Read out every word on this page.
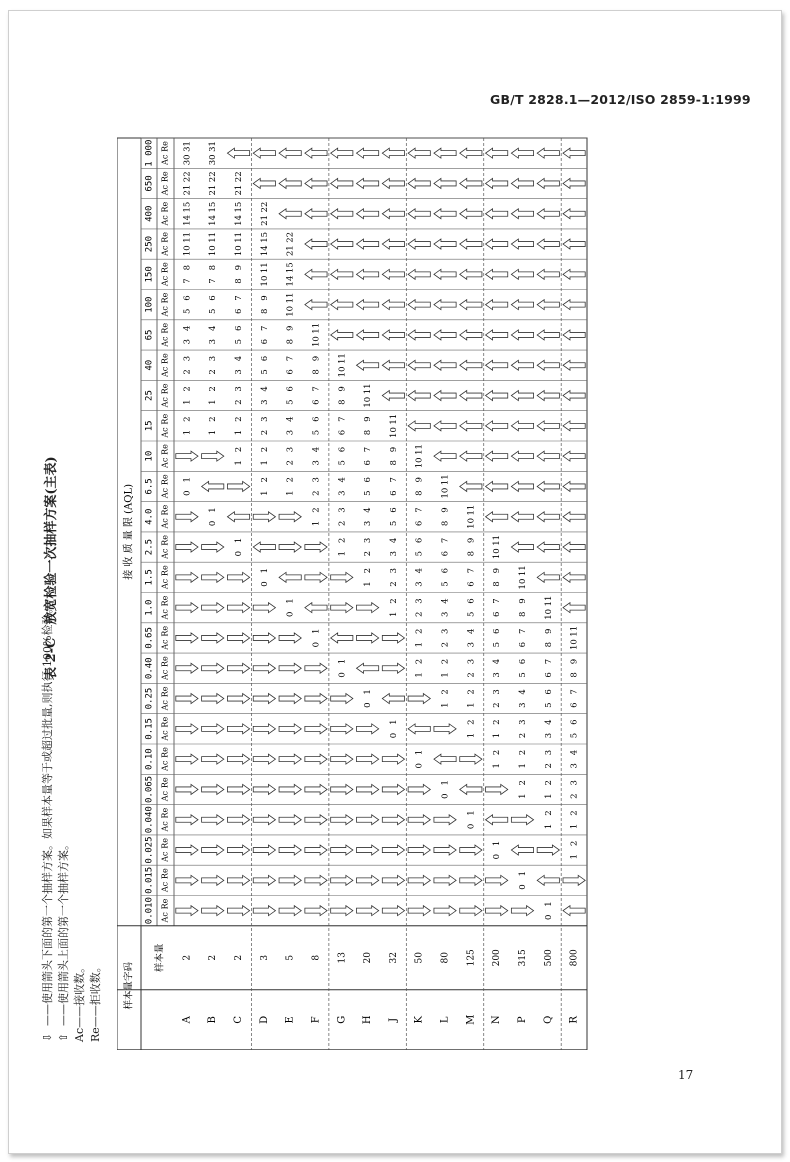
GB/T 2828.1—2012/ISO 2859-1:1999
表 2-C　放宽检验一次抽样方案(主表)	接 收 质 量 限 (AQL)
样本量字码
样本量
0.010 Ac
Re
0.015 Ac
Re
0.025 Ac
Re
0.040 Ac
Re
0.065 Ac
Re
0.10 Ac
Re
0.15 Ac
Re
0.25 Ac
Re
0.40 Ac
Re
0.65 Ac
Re
1.0 Ac
Re
1.5 Ac
Re
2.5 Ac
Re
4.0 Ac
Re
6.5 Ac
Re
10
Ac
Re
15
Ac
Re
25
Ac
Re
40
Ac
Re
65
Ac
Re
100 Ac
Re
150 Ac
Re
250 Ac
Re
400 Ac
Re
650 Ac
Re
1 000 Ac
Re
A
2
0
1
1
2
1
2
2
3
3
4
5
6
7
8
10
11
14
15
21
22
30
31
B
2
0
1
1
2
1
2
2
3
3
4
5
6
7
8
10
11
14
15
21
22
30
31
C
2
0
1
1
2
1
2
2
3
3
4
5
6
6
7
8
9
10
11
14
15
21
22
D
3
0
1
1
2
1
2
2
3
3
4
5
6
6
7
8
9
10
11
14
15
21
22
E
5
0
1
1
2
2
3
3
4
5
6
6
7
8
9
10
11
14
15
21
22
F
8
0
1
1
2
2
3
3
4
5
6
6
7
8
9
10
11
G
13
0
1
1
2
2
3
3
4
5
6
6
7
8
9
10
11
H
20
0
1
1
2
2
3
3
4
5
6
6
7
8
9
10
11
J
32
0
1
1
2
2
3
3
4
5
6
6
7
8
9
10
11
K
50
0
1
1
2
1
2
2
3
3
4
5
6
6
7
8
9
10
11
L
80
0
1
1
2
1
2
2
3
3
4
5
6
6
7
8
9
10
11
M
125
0
1
1
2
1
2
2
3
3
4
5
6
6
7
8
9
10
11
N
200
0
1
1
2
1
2
2
3
3
4
5
6
6
7
8
9
10
11
P
315
0
1
1
2
1
2
2
3
3
4
5
6
6
7
8
9
10
11
Q
500
0
1
1
2
1
2
2
3
3
4
5
6
6
7
8
9
10
11
R
800
1
2
1
2
2
3
3
4
5
6
6
7
8
9
10
11
⇩——使用箭头下面的第一个抽样方案。如果样本量等于或超过批量,则执行 100%检验。
⇧——使用箭头上面的第一个抽样方案。 Ac——接收数。 Re——拒收数。
17
